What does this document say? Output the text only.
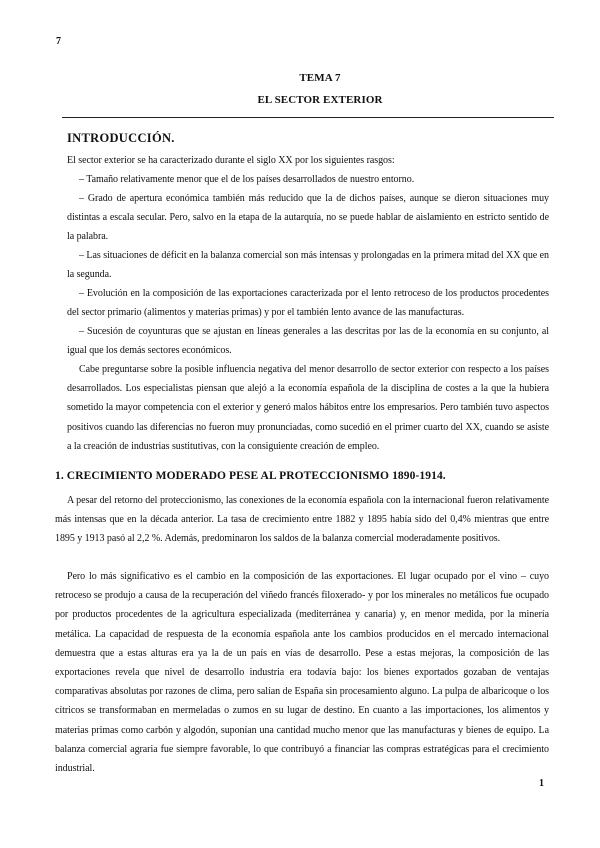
7
TEMA 7
EL SECTOR EXTERIOR
INTRODUCCIÓN.
El sector exterior se ha caracterizado durante el siglo XX por los siguientes rasgos:
– Tamaño relativamente menor que el de los países desarrollados de nuestro entorno.
– Grado de apertura económica también más reducido que la de dichos países, aunque se dieron situaciones muy distintas a escala secular. Pero, salvo en la etapa de la autarquía, no se puede hablar de aislamiento en estricto sentido de la palabra.
– Las situaciones de déficit en la balanza comercial son más intensas y prolongadas en la primera mitad del XX que en la segunda.
– Evolución en la composición de las exportaciones caracterizada por el lento retroceso de los productos procedentes del sector primario (alimentos y materias primas) y por el también lento avance de las manufacturas.
– Sucesión de coyunturas que se ajustan en líneas generales a las descritas por las de la economía en su conjunto, al igual que los demás sectores económicos.
Cabe preguntarse sobre la posible influencia negativa del menor desarrollo de sector exterior con respecto a los países desarrollados. Los especialistas piensan que alejó a la economía española de la disciplina de costes a la que la hubiera sometido la mayor competencia con el exterior y generó malos hábitos entre los empresarios. Pero también tuvo aspectos positivos cuando las diferencias no fueron muy pronunciadas, como sucedió en el primer cuarto del XX, cuando se asiste a la creación de industrias sustitutivas, con la consiguiente creación de empleo.
1. CRECIMIENTO MODERADO PESE AL PROTECCIONISMO 1890-1914.
A pesar del retorno del proteccionismo, las conexiones de la economía española con la internacional fueron relativamente más intensas que en la década anterior. La tasa de crecimiento entre 1882 y 1895 había sido del 0,4% mientras que entre 1895 y 1913 pasó al 2,2 %. Además, predominaron los saldos de la balanza comercial moderadamente positivos.
Pero lo más significativo es el cambio en la composición de las exportaciones. El lugar ocupado por el vino – cuyo retroceso se produjo a causa de la recuperación del viñedo francés filoxerado- y por los minerales no metálicos fue ocupado por productos procedentes de la agricultura especializada (mediterránea y canaria) y, en menor medida, por la minería metálica. La capacidad de respuesta de la economía española ante los cambios producidos en el mercado internacional demuestra que a estas alturas era ya la de un país en vías de desarrollo. Pese a estas mejoras, la composición de las exportaciones revela que nivel de desarrollo industria era todavía bajo: los bienes exportados gozaban de ventajas comparativas absolutas por razones de clima, pero salían de España sin procesamiento alguno. La pulpa de albaricoque o los cítricos se transformaban en mermeladas o zumos en su lugar de destino. En cuanto a las importaciones, los alimentos y materias primas como carbón y algodón, suponían una cantidad mucho menor que las manufacturas y bienes de equipo. La balanza comercial agraria fue siempre favorable, lo que contribuyó a financiar las compras estratégicas para el crecimiento industrial.
1
